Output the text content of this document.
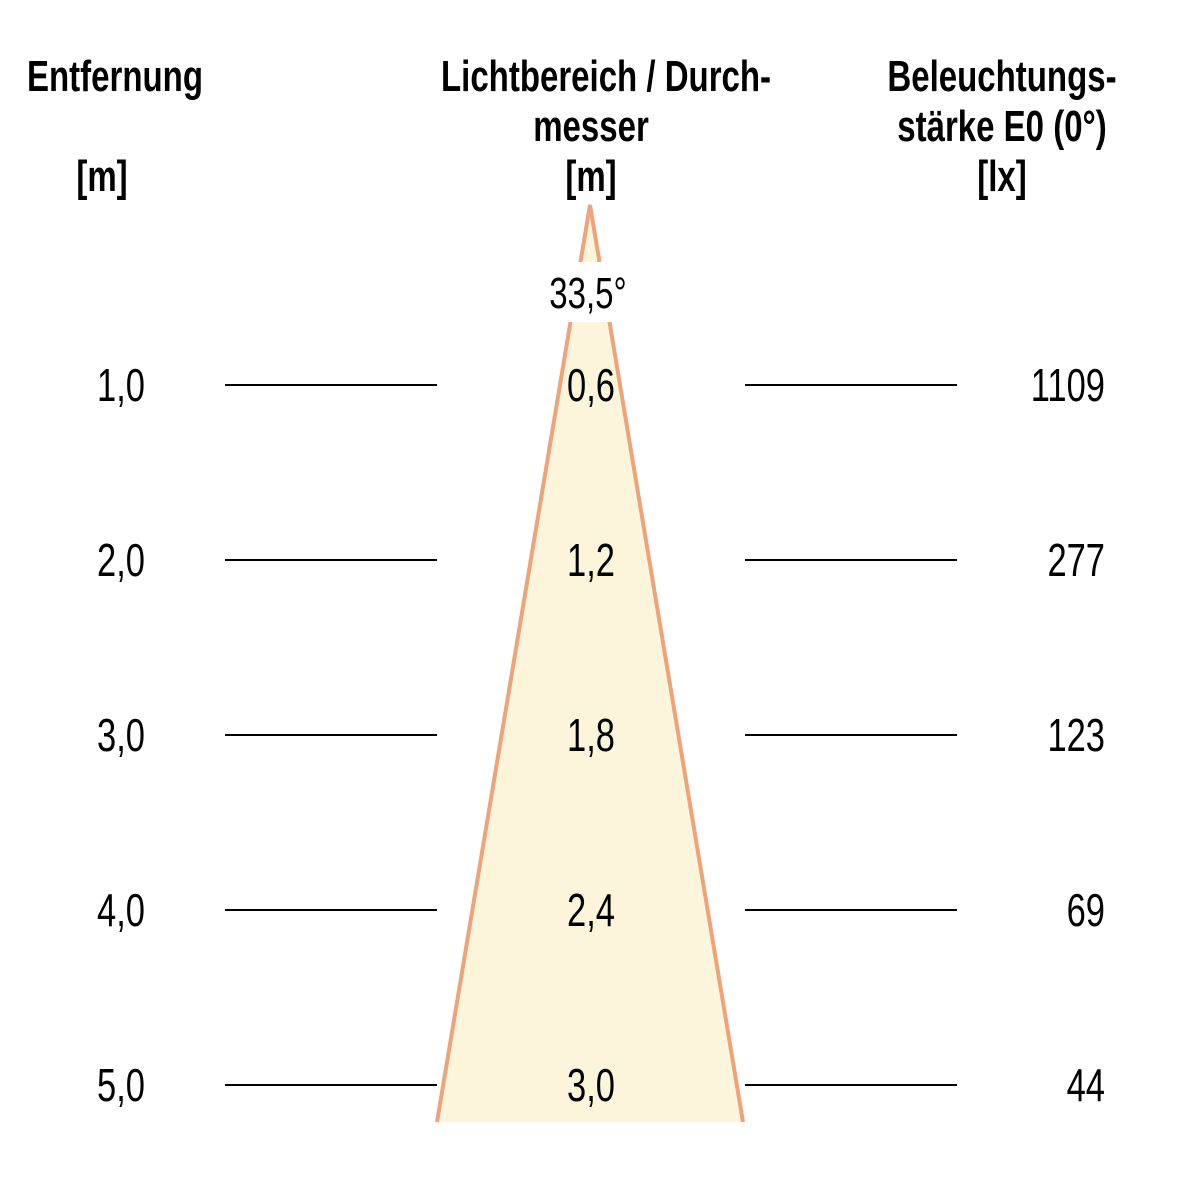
Entfernung
[m]
Lichtbereich / Durch-
messer
[m]
Beleuchtungs-
stärke E0 (0°)
[lx]
33,5°
1,0	0,6	1109
2,0	1,2	277
3,0	1,8	123
4,0	2,4	69
5,0	3,0	44
